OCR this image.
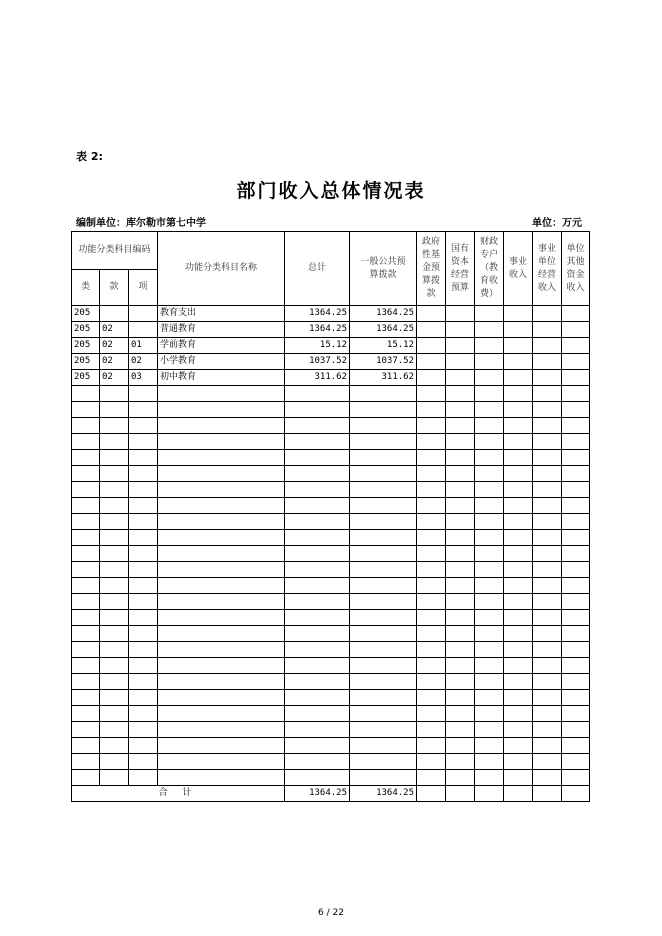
表 2:
部门收入总体情况表
编制单位：库尔勒市第七中学	单位：万元
功能分类科目编码			功能分类科目名称	总计	一般公共预算拨款	政府性基金预算拨款	国有资本经营预算	财政专户（教育收费）	事业收入	事业单位经营收入	单位其他资金收入
类	款	项									
205			教育支出	1364.25	1364.25						
205	02		普通教育	1364.25	1364.25						
205	02	01	学前教育	15.12	15.12						
205	02	02	小学教育	1037.52	1037.52						
205	02	03	初中教育	311.62	311.62						

合 计				1364.25	1364.25						
6 / 22
